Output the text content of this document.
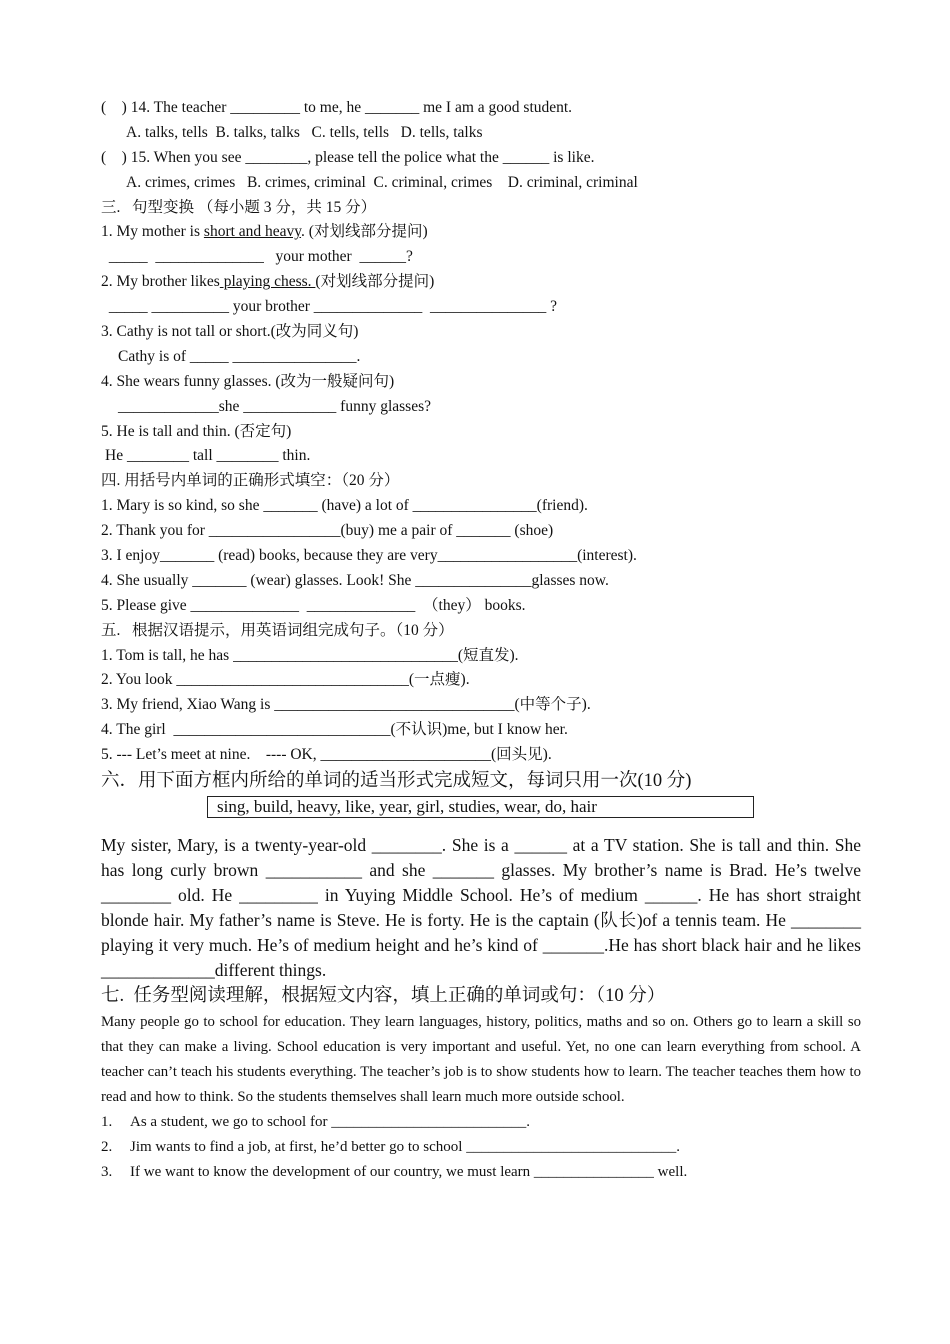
(    ) 14. The teacher _________ to me, he _______ me I am a good student.
A. talks, tells  B. talks, talks   C. tells, tells   D. tells, talks
(    ) 15. When you see ________, please tell the police what the ______ is like.
A. crimes, crimes   B. crimes, criminal  C. criminal, crimes    D. criminal, criminal
三.   句型变换 （每小题 3 分，共 15 分）
1. My mother is short and heavy. (对划线部分提问)
_____  ______________   your mother  ______?
2. My brother likes playing chess. (对划线部分提问)
_____ __________ your brother ______________  _______________ ?
3. Cathy is not tall or short.(改为同义句)
Cathy is of _____ ________________.
4. She wears funny glasses. (改为一般疑问句)
_____________she ____________ funny glasses?
5. He is tall and thin. (否定句)
He ________ tall ________ thin.
四. 用括号内单词的正确形式填空：（20 分）
1. Mary is so kind, so she _______ (have) a lot of ________________(friend).
2. Thank you for _________________(buy) me a pair of _______ (shoe)
3. I enjoy_______ (read) books, because they are very__________________(interest).
4. She usually _______ (wear) glasses. Look! She _______________glasses now.
5. Please give ______________  ______________  （they） books.
五.   根据汉语提示，用英语词组完成句子。（10 分）
1. Tom is tall, he has _____________________________(短直发).
2. You look ______________________________(一点瘦).
3. My friend, Xiao Wang is _______________________________(中等个子).
4. The girl  ____________________________(不认识)me, but I know her.
5. --- Let’s meet at nine.    ---- OK, ______________________(回头见).
六．用下面方框内所给的单词的适当形式完成短文，每词只用一次(10 分)
sing, build, heavy, like, year, girl, studies, wear, do, hair

My sister, Mary, is a twenty-year-old ________. She is a ______ at a TV station. She is tall and thin. She has long curly brown ___________ and she _______ glasses. My brother’s name is Brad. He’s twelve ________ old. He _________ in Yuying Middle School. He’s of medium ______. He has short straight blonde hair. My father’s name is Steve. He is forty. He is the captain (队长)of a tennis team. He ________ playing it very much. He’s of medium height and he’s kind of _______.He has short black hair and he likes _____________different things.

七.  任务型阅读理解，根据短文内容，填上正确的单词或句：（10 分）

Many people go to school for education. They learn languages, history, politics, maths and so on. Others go to learn a skill so that they can make a living. School education is very important and useful. Yet, no one can learn everything from school. A teacher can’t teach his students everything. The teacher’s job is to show students how to learn. The teacher teaches them how to read and how to think. So the students themselves shall learn much more outside school.

1.	As a student, we go to school for __________________________.
2.	Jim wants to find a job, at first, he’d better go to school ____________________________.
3.	If we want to know the development of our country, we must learn ________________ well.
